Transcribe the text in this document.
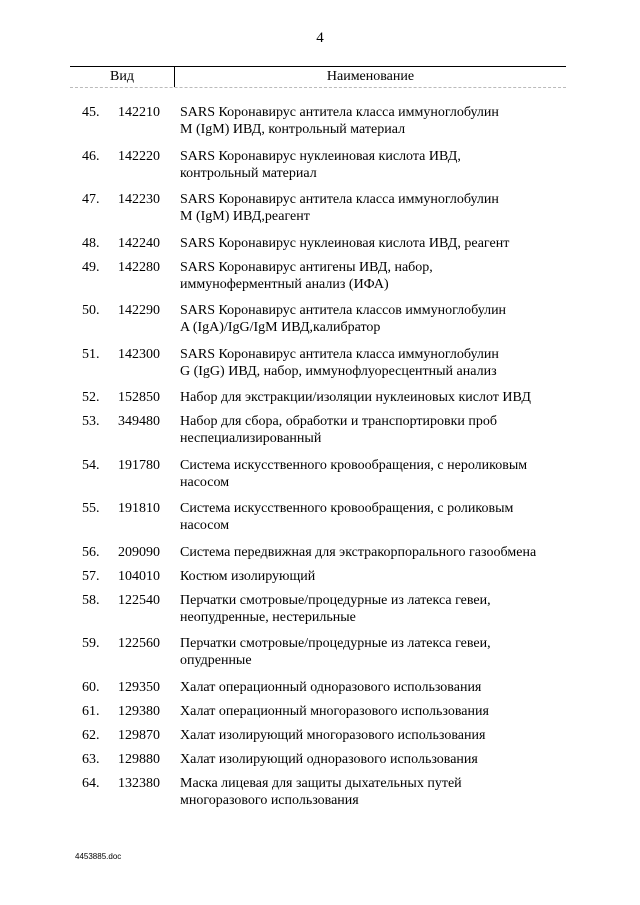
4
Вид	Наименование
45. 142210 SARS Коронавирус антитела класса иммуноглобулин
M (IgM) ИВД, контрольный материал
46. 142220 SARS Коронавирус нуклеиновая кислота ИВД,
контрольный материал
47. 142230 SARS Коронавирус антитела класса иммуноглобулин
M (IgM) ИВД,реагент
48. 142240 SARS Коронавирус нуклеиновая кислота ИВД, реагент
49. 142280 SARS Коронавирус антигены ИВД, набор,
иммуноферментный анализ (ИФА)
50. 142290 SARS Коронавирус антитела классов иммуноглобулин
A (IgA)/IgG/IgM ИВД,калибратор
51. 142300 SARS Коронавирус антитела класса иммуноглобулин
G (IgG) ИВД, набор, иммунофлуоресцентный анализ
52. 152850 Набор для экстракции/изоляции нуклеиновых кислот ИВД
53. 349480 Набор для сбора, обработки и транспортировки проб
неспециализированный
54. 191780 Система искусственного кровообращения, с нероликовым
насосом
55. 191810 Система искусственного кровообращения, с роликовым
насосом
56. 209090 Система передвижная для экстракорпорального газообмена
57. 104010 Костюм изолирующий
58. 122540 Перчатки смотровые/процедурные из латекса гевеи,
неопудренные, нестерильные
59. 122560 Перчатки смотровые/процедурные из латекса гевеи,
опудренные
60. 129350 Халат операционный одноразового использования
61. 129380 Халат операционный многоразового использования
62. 129870 Халат изолирующий многоразового использования
63. 129880 Халат изолирующий одноразового использования
64. 132380 Маска лицевая для защиты дыхательных путей
многоразового использования
4453885.doc
